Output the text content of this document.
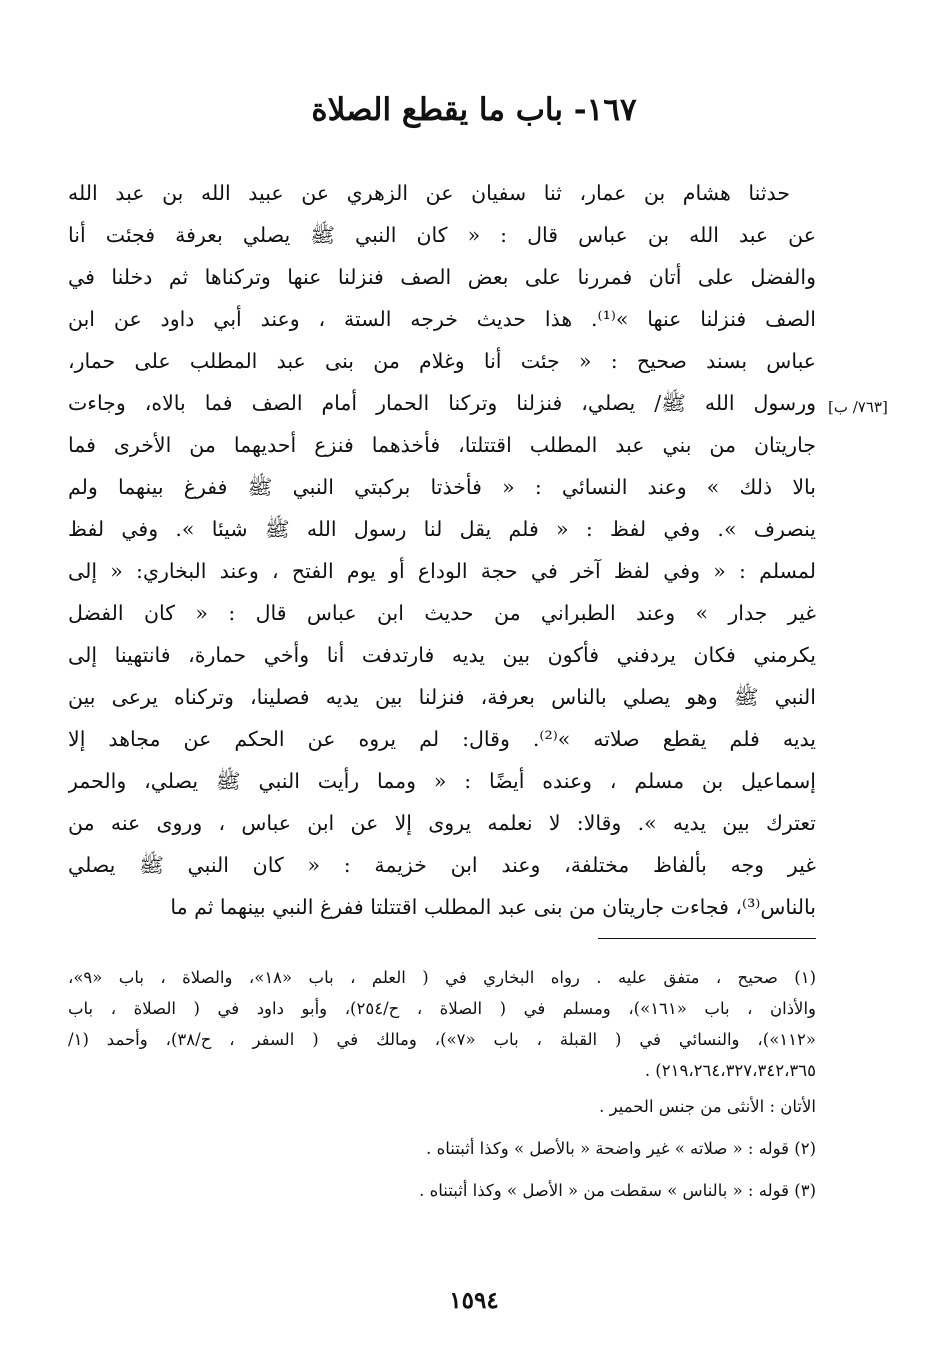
١٦٧- باب ما يقطع الصلاة
حدثنا هشام بن عمار، ثنا سفيان عن الزهري عن عبيد الله بن عبد الله
عن عبد الله بن عباس قال : « كان النبي ﷺ يصلي بعرفة فجئت أنا
والفضل على أتان فمررنا على بعض الصف فنزلنا عنها وتركناها ثم دخلنا في
الصف فنزلنا عنها »⁽¹⁾. هذا حديث خرجه الستة ، وعند أبي داود عن ابن
عباس بسند صحيح : « جئت أنا وغلام من بنى عبد المطلب على حمار،
ورسول الله ﷺ/ يصلي، فنزلنا وتركنا الحمار أمام الصف فما بالاه، وجاءت
جاريتان من بني عبد المطلب اقتتلتا، فأخذهما فنزع أحديهما من الأخرى فما
بالا ذلك » وعند النسائي : « فأخذتا بركبتي النبي ﷺ ففرغ بينهما ولم
ينصرف ». وفي لفظ : « فلم يقل لنا رسول الله ﷺ شيئا ». وفي لفظ
لمسلم : « وفي لفظ آخر في حجة الوداع أو يوم الفتح ، وعند البخاري: « إلى
غير جدار » وعند الطبراني من حديث ابن عباس قال : « كان الفضل
يكرمني فكان يردفني فأكون بين يديه فارتدفت أنا وأخي حمارة، فانتهينا إلى
النبي ﷺ وهو يصلي بالناس بعرفة، فنزلنا بين يديه فصلينا، وتركناه يرعى بين
يديه فلم يقطع صلاته »⁽²⁾. وقال: لم يروه عن الحكم عن مجاهد إلا
إسماعيل بن مسلم ، وعنده أيضًا : « ومما رأيت النبي ﷺ يصلي، والحمر
تعترك بين يديه ». وقالا: لا نعلمه يروى إلا عن ابن عباس ، وروى عنه من
غير وجه بألفاظ مختلفة، وعند ابن خزيمة : « كان النبي ﷺ يصلي
بالناس⁽³⁾، فجاءت جاريتان من بنى عبد المطلب اقتتلتا ففرغ النبي بينهما ثم ما
[٧٦٣/ ب]
(١) صحيح ، متفق عليه . رواه البخاري في ( العلم ، باب «١٨»، والصلاة ، باب «٩»،
والأذان ، باب «١٦١»)، ومسلم في ( الصلاة ، ح/٢٥٤)، وأبو داود في ( الصلاة ، باب
«١١٢»)، والنسائي في ( القبلة ، باب «٧»)، ومالك في ( السفر ، ح/٣٨)، وأحمد (١/
٢١٩،٢٦٤،٣٢٧،٣٤٢،٣٦٥) .
الأتان : الأنثى من جنس الحمير .
(٢) قوله : « صلاته » غير واضحة « بالأصل » وكذا أثبتناه .
(٣) قوله : « بالناس » سقطت من « الأصل » وكذا أثبتناه .
١٥٩٤
